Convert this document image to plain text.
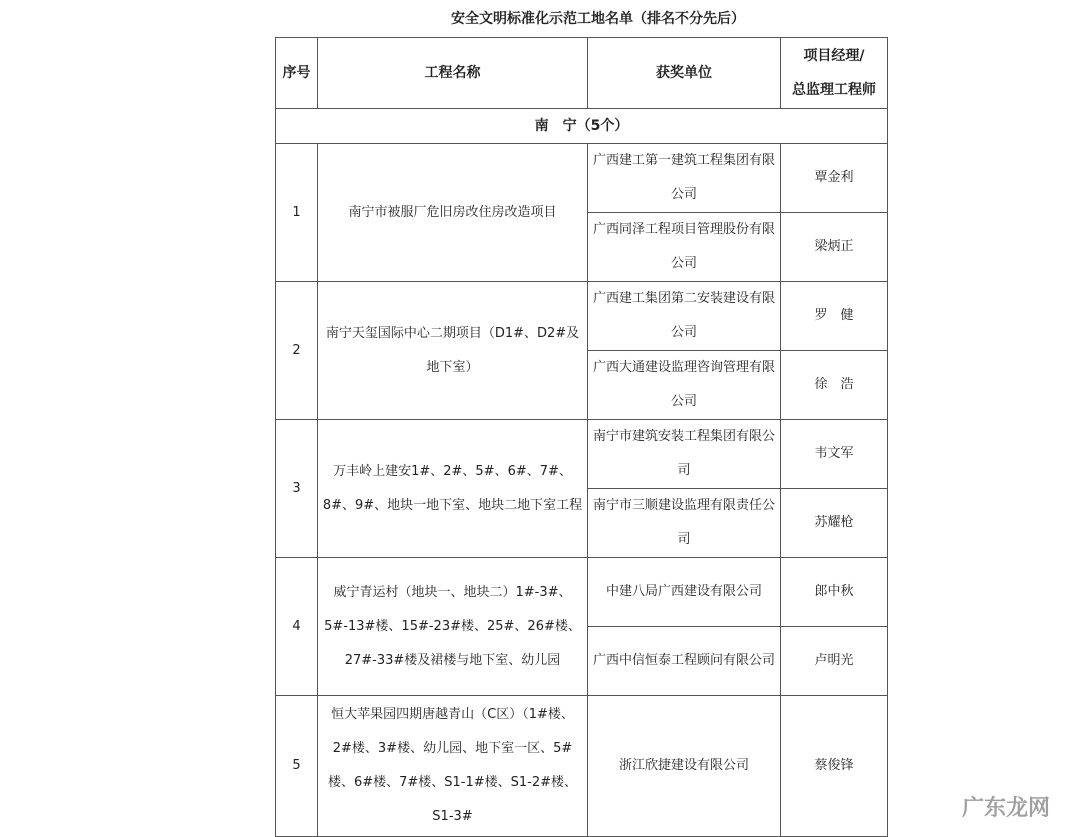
安全文明标准化示范工地名单（排名不分先后）
序号	工程名称	获奖单位	项目经理/
总监理工程师

南　宁（5个）			
1	南宁市被服厂危旧房改住房改造项目	广西建工第一建筑工程集团有限公司	覃金利
		广西同泽工程项目管理股份有限公司	梁炳正
2	南宁天玺国际中心二期项目（D1#、D2#及地下室）	广西建工集团第二安装建设有限公司	罗　健
		广西大通建设监理咨询管理有限公司	徐　浩
3	万丰岭上建安1#、2#、5#、6#、7#、8#、9#、地块一地下室、地块二地下室工程	南宁市建筑安装工程集团有限公司	韦文军
		南宁市三顺建设监理有限责任公司	苏耀枪
4	威宁青运村（地块一、地块二）1#-3#、5#-13#楼、15#-23#楼、25#、26#楼、27#-33#楼及裙楼与地下室、幼儿园	中建八局广西建设有限公司	郎中秋
		广西中信恒泰工程顾问有限公司	卢明光
5	恒大苹果园四期唐越青山（C区）（1#楼、2#楼、3#楼、幼儿园、地下室一区、5#楼、6#楼、7#楼、S1-1#楼、S1-2#楼、S1-3#	浙江欣捷建设有限公司	蔡俊锋
广东龙网
